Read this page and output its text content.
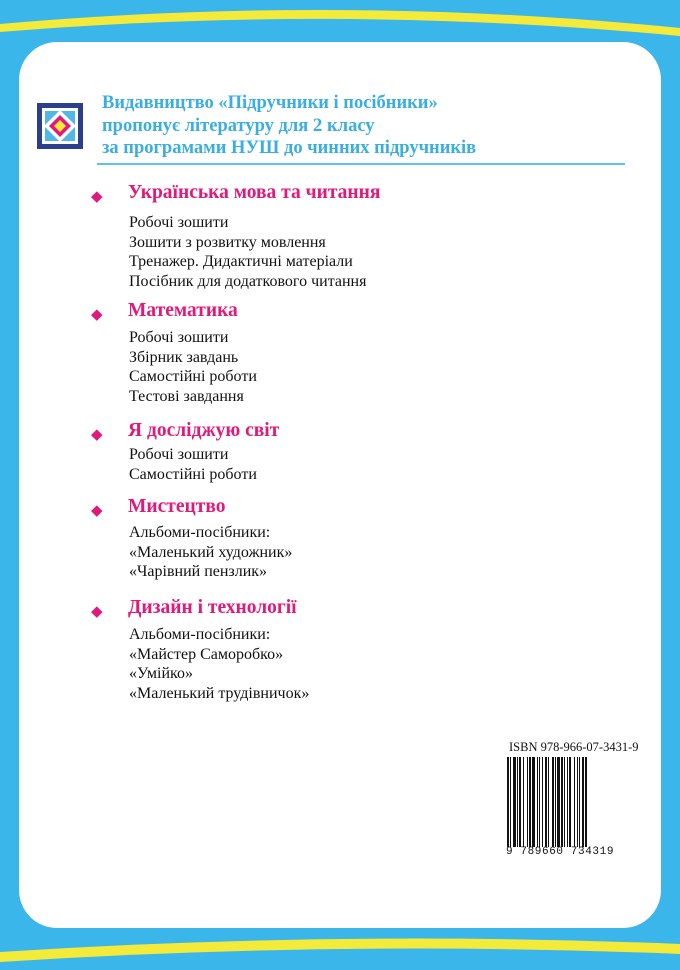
Видавництво «Підручники і посібники»
пропонує літературу для 2 класу
за програмами НУШ до чинних підручників
◆ Українська мова та читання
Робочі зошити
Зошити з розвитку мовлення
Тренажер. Дидактичні матеріали
Посібник для додаткового читання
◆ Математика
Робочі зошити
Збірник завдань
Самостійні роботи
Тестові завдання
◆ Я досліджую світ
Робочі зошити
Самостійні роботи
◆ Мистецтво
Альбоми-посібники:
«Маленький художник»
«Чарівний пензлик»
◆ Дизайн і технології
Альбоми-посібники:
«Майстер Саморобко»
«Умійко»
«Маленький трудівничок»
ISBN 978-966-07-3431-9
9 789660 734319
